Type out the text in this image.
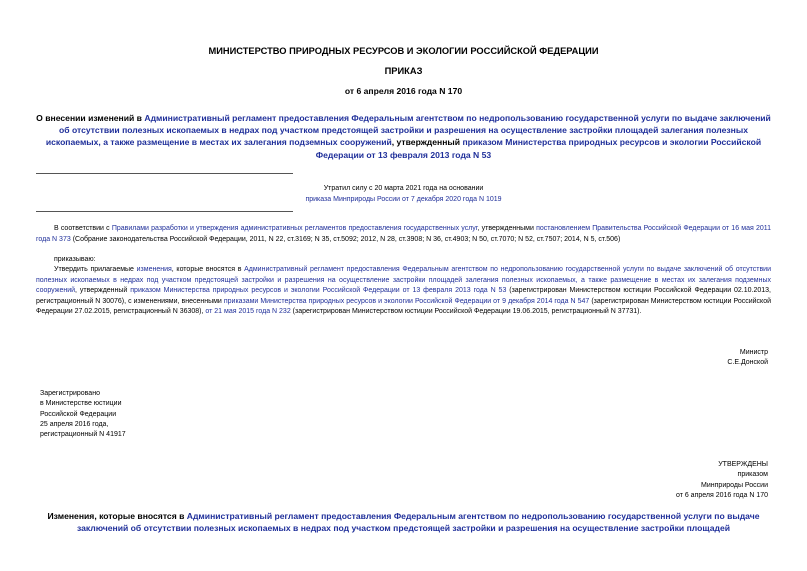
МИНИСТЕРСТВО ПРИРОДНЫХ РЕСУРСОВ И ЭКОЛОГИИ РОССИЙСКОЙ ФЕДЕРАЦИИ
ПРИКАЗ
от 6 апреля 2016 года N 170
О внесении изменений в Административный регламент предоставления Федеральным агентством по недропользованию государственной услуги по выдаче заключений об отсутствии полезных ископаемых в недрах под участком предстоящей застройки и разрешения на осуществление застройки площадей залегания полезных ископаемых, а также размещение в местах их залегания подземных сооружений, утвержденный приказом Министерства природных ресурсов и экологии Российской Федерации от 13 февраля 2013 года N 53
Утратил силу с 20 марта 2021 года на основании
приказа Минприроды России от 7 декабря 2020 года N 1019
В соответствии с Правилами разработки и утверждения административных регламентов предоставления государственных услуг, утвержденными постановлением Правительства Российской Федерации от 16 мая 2011 года N 373 (Собрание законодательства Российской Федерации, 2011, N 22, ст.3169; N 35, ст.5092; 2012, N 28, ст.3908; N 36, ст.4903; N 50, ст.7070; N 52, ст.7507; 2014, N 5, ст.506)
приказываю:
Утвердить прилагаемые изменения, которые вносятся в Административный регламент предоставления Федеральным агентством по недропользованию государственной услуги по выдаче заключений об отсутствии полезных ископаемых в недрах под участком предстоящей застройки и разрешения на осуществление застройки площадей залегания полезных ископаемых, а также размещение в местах их залегания подземных сооружений, утвержденный приказом Министерства природных ресурсов и экологии Российской Федерации от 13 февраля 2013 года N 53 (зарегистрирован Министерством юстиции Российской Федерации 02.10.2013, регистрационный N 30076), с изменениями, внесенными приказами Министерства природных ресурсов и экологии Российской Федерации от 9 декабря 2014 года N 547 (зарегистрирован Министерством юстиции Российской Федерации 27.02.2015, регистрационный N 36308), от 21 мая 2015 года N 232 (зарегистрирован Министерством юстиции Российской Федерации 19.06.2015, регистрационный N 37731).
Министр
С.Е.Донской
Зарегистрировано
в Министерстве юстиции
Российской Федерации
25 апреля 2016 года,
регистрационный N 41917
УТВЕРЖДЕНЫ
приказом
Минприроды России
от 6 апреля 2016 года N 170
Изменения, которые вносятся в Административный регламент предоставления Федеральным агентством по недропользованию государственной услуги по выдаче заключений об отсутствии полезных ископаемых в недрах под участком предстоящей застройки и разрешения на осуществление застройки площадей
